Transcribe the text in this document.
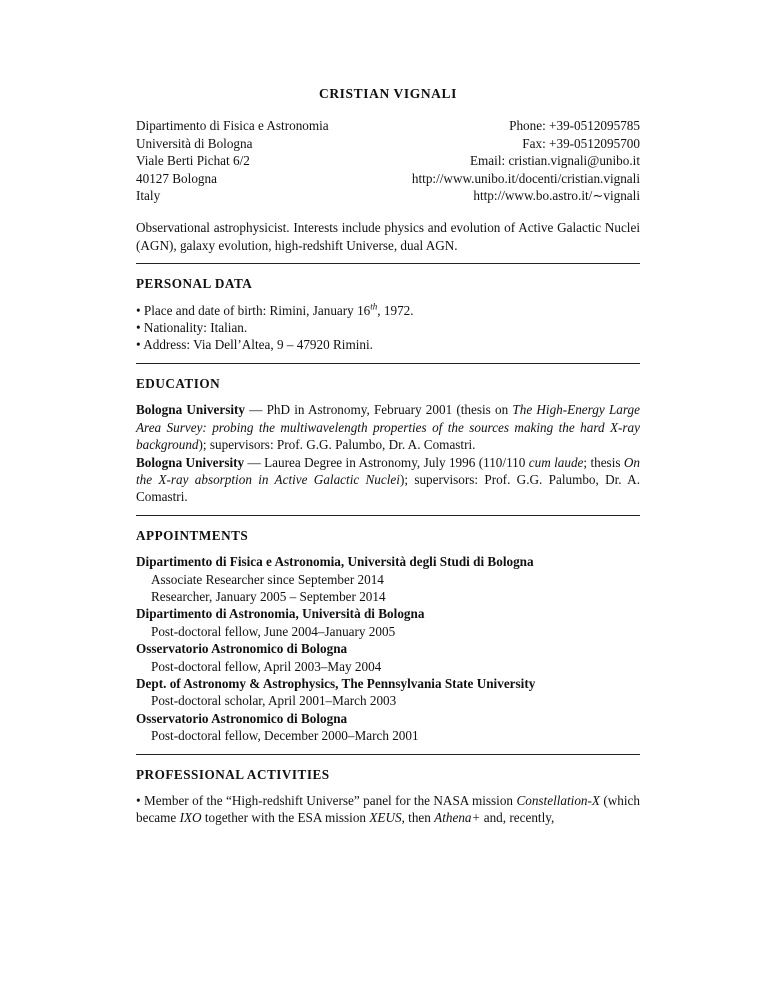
CRISTIAN VIGNALI
Dipartimento di Fisica e Astronomia
Università di Bologna
Viale Berti Pichat 6/2
40127 Bologna
Italy
Phone: +39-0512095785
Fax: +39-0512095700
Email: cristian.vignali@unibo.it
http://www.unibo.it/docenti/cristian.vignali
http://www.bo.astro.it/∼vignali
Observational astrophysicist. Interests include physics and evolution of Active Galactic Nuclei (AGN), galaxy evolution, high-redshift Universe, dual AGN.
PERSONAL DATA
• Place and date of birth: Rimini, January 16th, 1972.
• Nationality: Italian.
• Address: Via Dell’Altea, 9 – 47920 Rimini.
EDUCATION
Bologna University — PhD in Astronomy, February 2001 (thesis on The High-Energy Large Area Survey: probing the multiwavelength properties of the sources making the hard X-ray background); supervisors: Prof. G.G. Palumbo, Dr. A. Comastri.
Bologna University — Laurea Degree in Astronomy, July 1996 (110/110 cum laude; thesis On the X-ray absorption in Active Galactic Nuclei); supervisors: Prof. G.G. Palumbo, Dr. A. Comastri.
APPOINTMENTS
Dipartimento di Fisica e Astronomia, Università degli Studi di Bologna
Associate Researcher since September 2014
Researcher, January 2005 – September 2014
Dipartimento di Astronomia, Università di Bologna
Post-doctoral fellow, June 2004–January 2005
Osservatorio Astronomico di Bologna
Post-doctoral fellow, April 2003–May 2004
Dept. of Astronomy & Astrophysics, The Pennsylvania State University
Post-doctoral scholar, April 2001–March 2003
Osservatorio Astronomico di Bologna
Post-doctoral fellow, December 2000–March 2001
PROFESSIONAL ACTIVITIES
• Member of the “High-redshift Universe” panel for the NASA mission Constellation-X (which became IXO together with the ESA mission XEUS, then Athena+ and, recently,
